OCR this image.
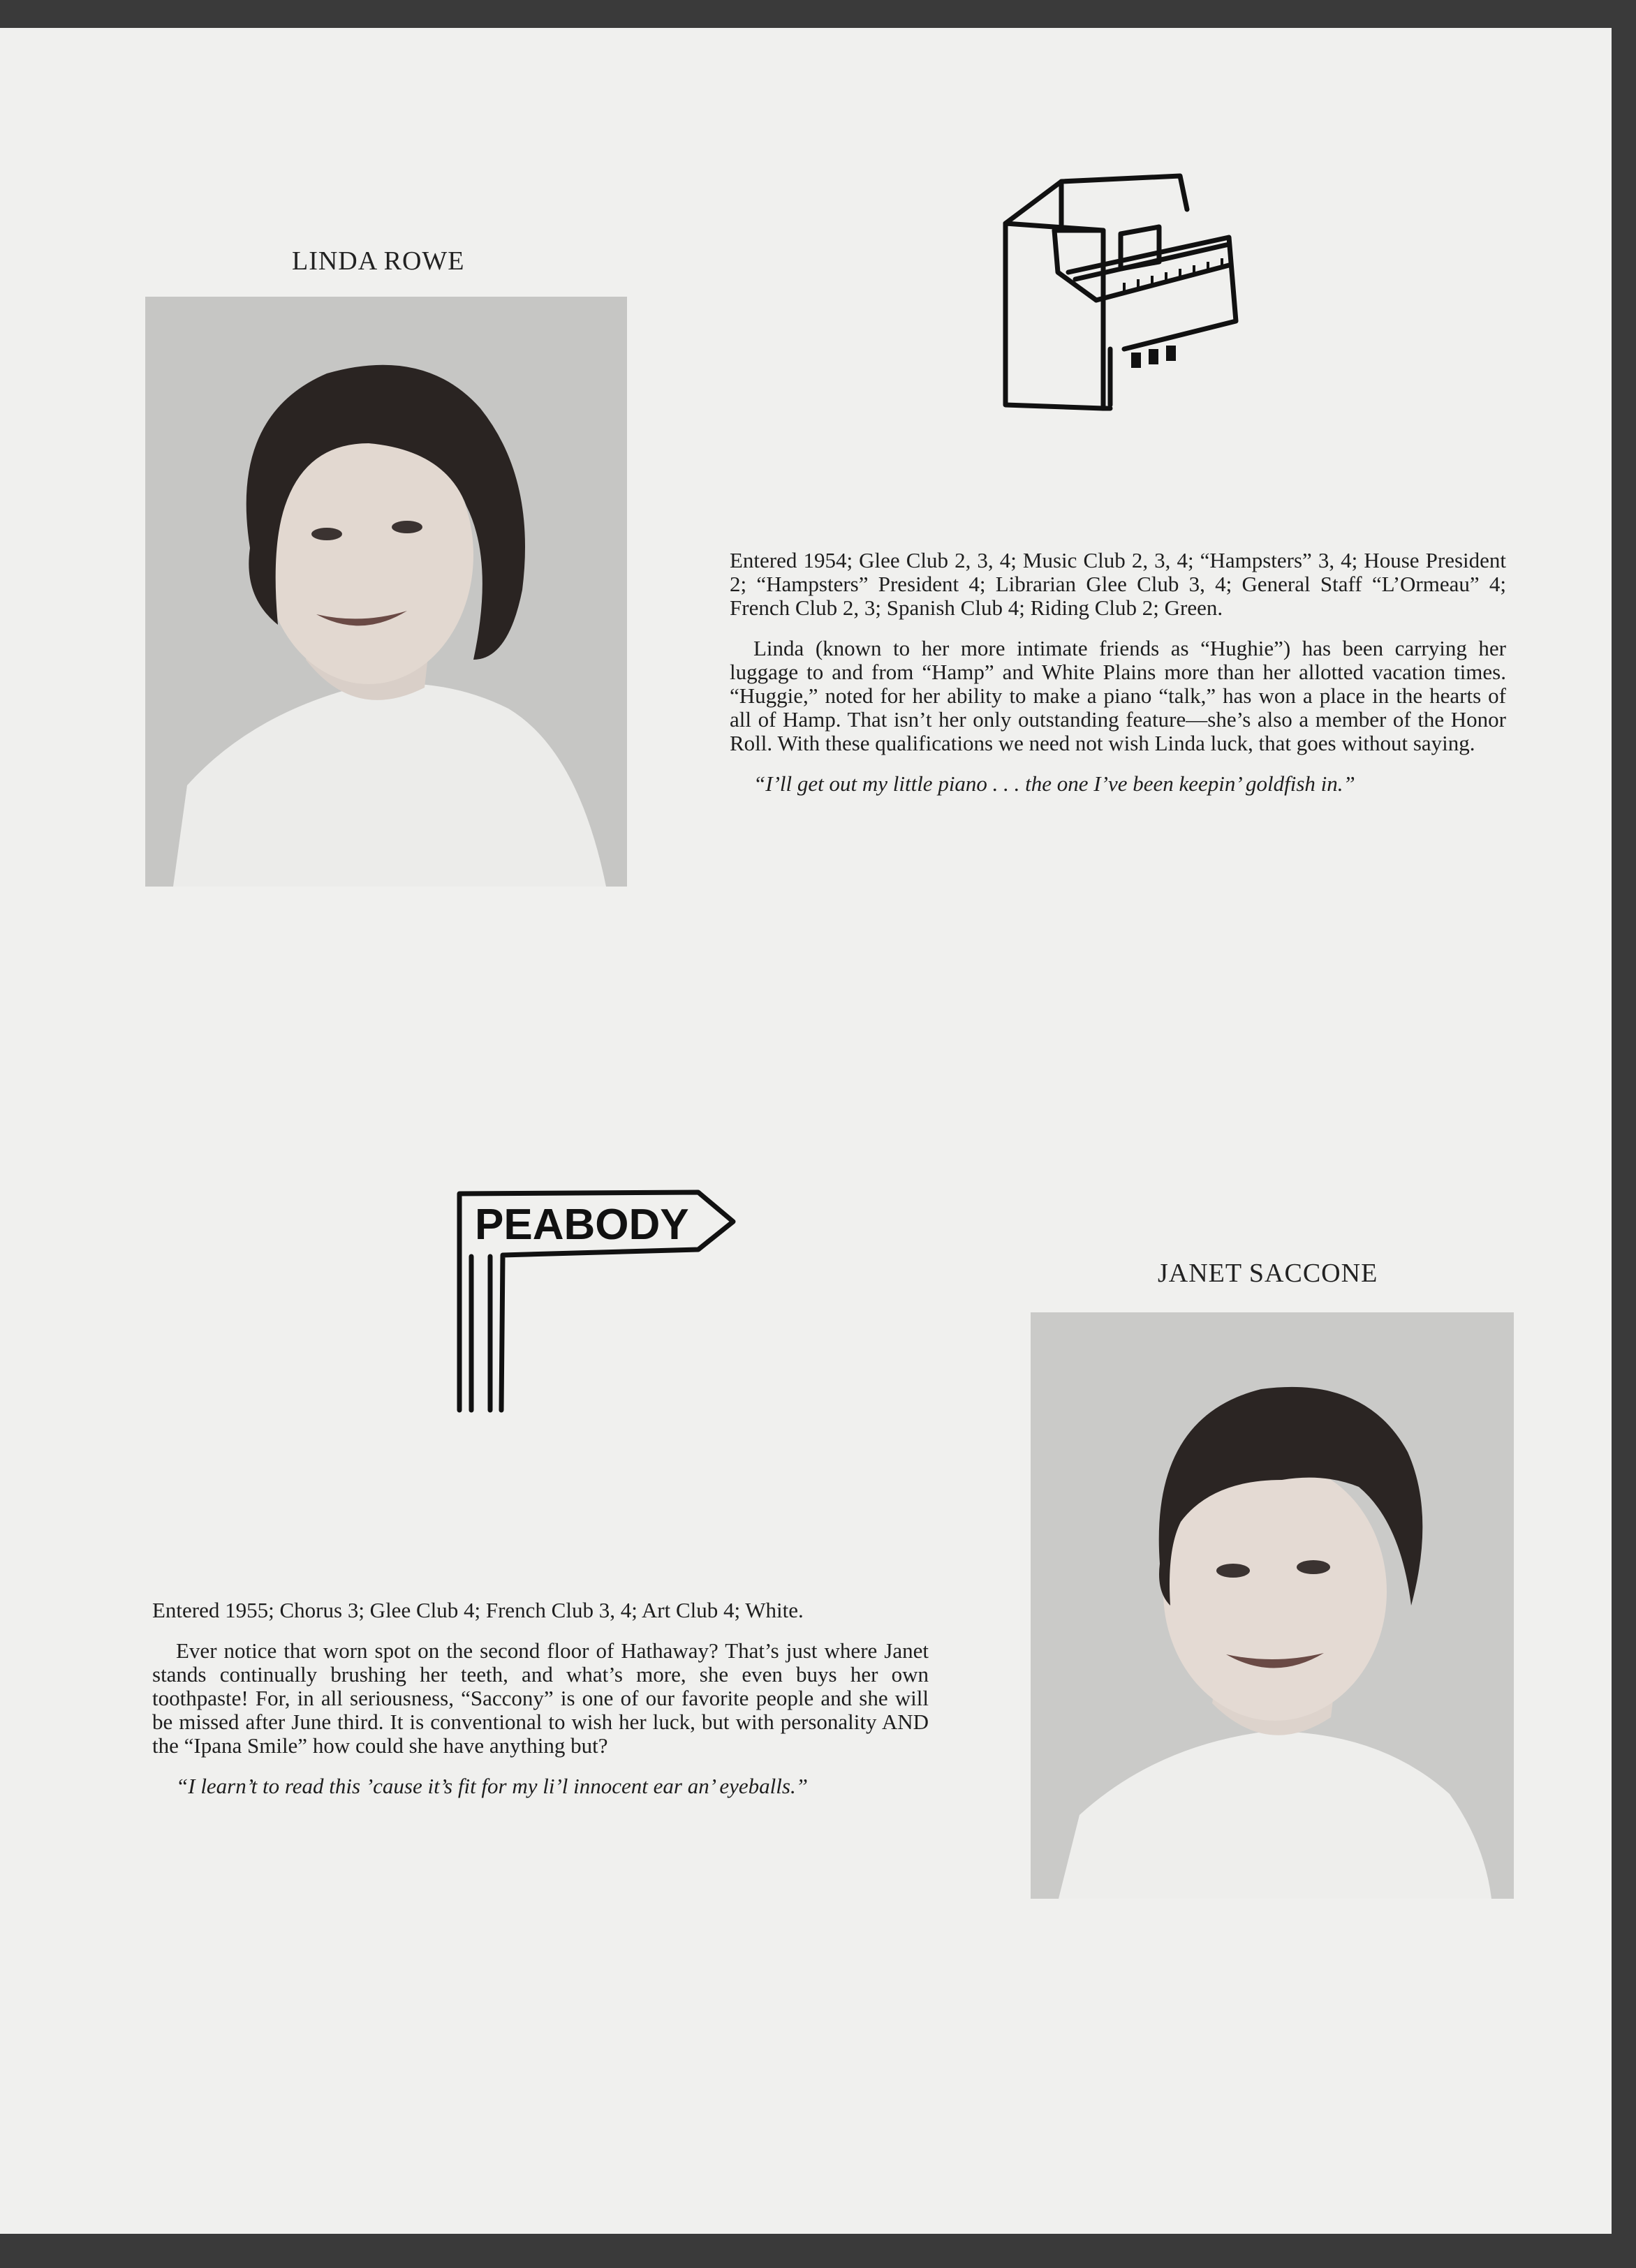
LINDA ROWE

Entered 1954; Glee Club 2, 3, 4; Music Club 2, 3, 4; “Hampsters” 3, 4; House President 2; “Hampsters” President 4; Librarian Glee Club 3, 4; General Staff “L’Ormeau” 4; French Club 2, 3; Spanish Club 4; Riding Club 2; Green.

Linda (known to her more intimate friends as “Hughie”) has been carrying her luggage to and from “Hamp” and White Plains more than her allotted vacation times. “Huggie,” noted for her ability to make a piano “talk,” has won a place in the hearts of all of Hamp. That isn’t her only outstanding feature—she’s also a member of the Honor Roll. With these qualifications we need not wish Linda luck, that goes without saying.

“I’ll get out my little piano . . . the one I’ve been keepin’ goldfish in.”

PEABODY
JANET SACCONE

Entered 1955; Chorus 3; Glee Club 4; French Club 3, 4; Art Club 4; White.

Ever notice that worn spot on the second floor of Hathaway? That’s just where Janet stands continually brushing her teeth, and what’s more, she even buys her own toothpaste! For, in all seriousness, “Saccony” is one of our favorite people and she will be missed after June third. It is conventional to wish her luck, but with personality AND the “Ipana Smile” how could she have anything but?

“I learn’t to read this ’cause it’s fit for my li’l innocent ear an’ eyeballs.”
